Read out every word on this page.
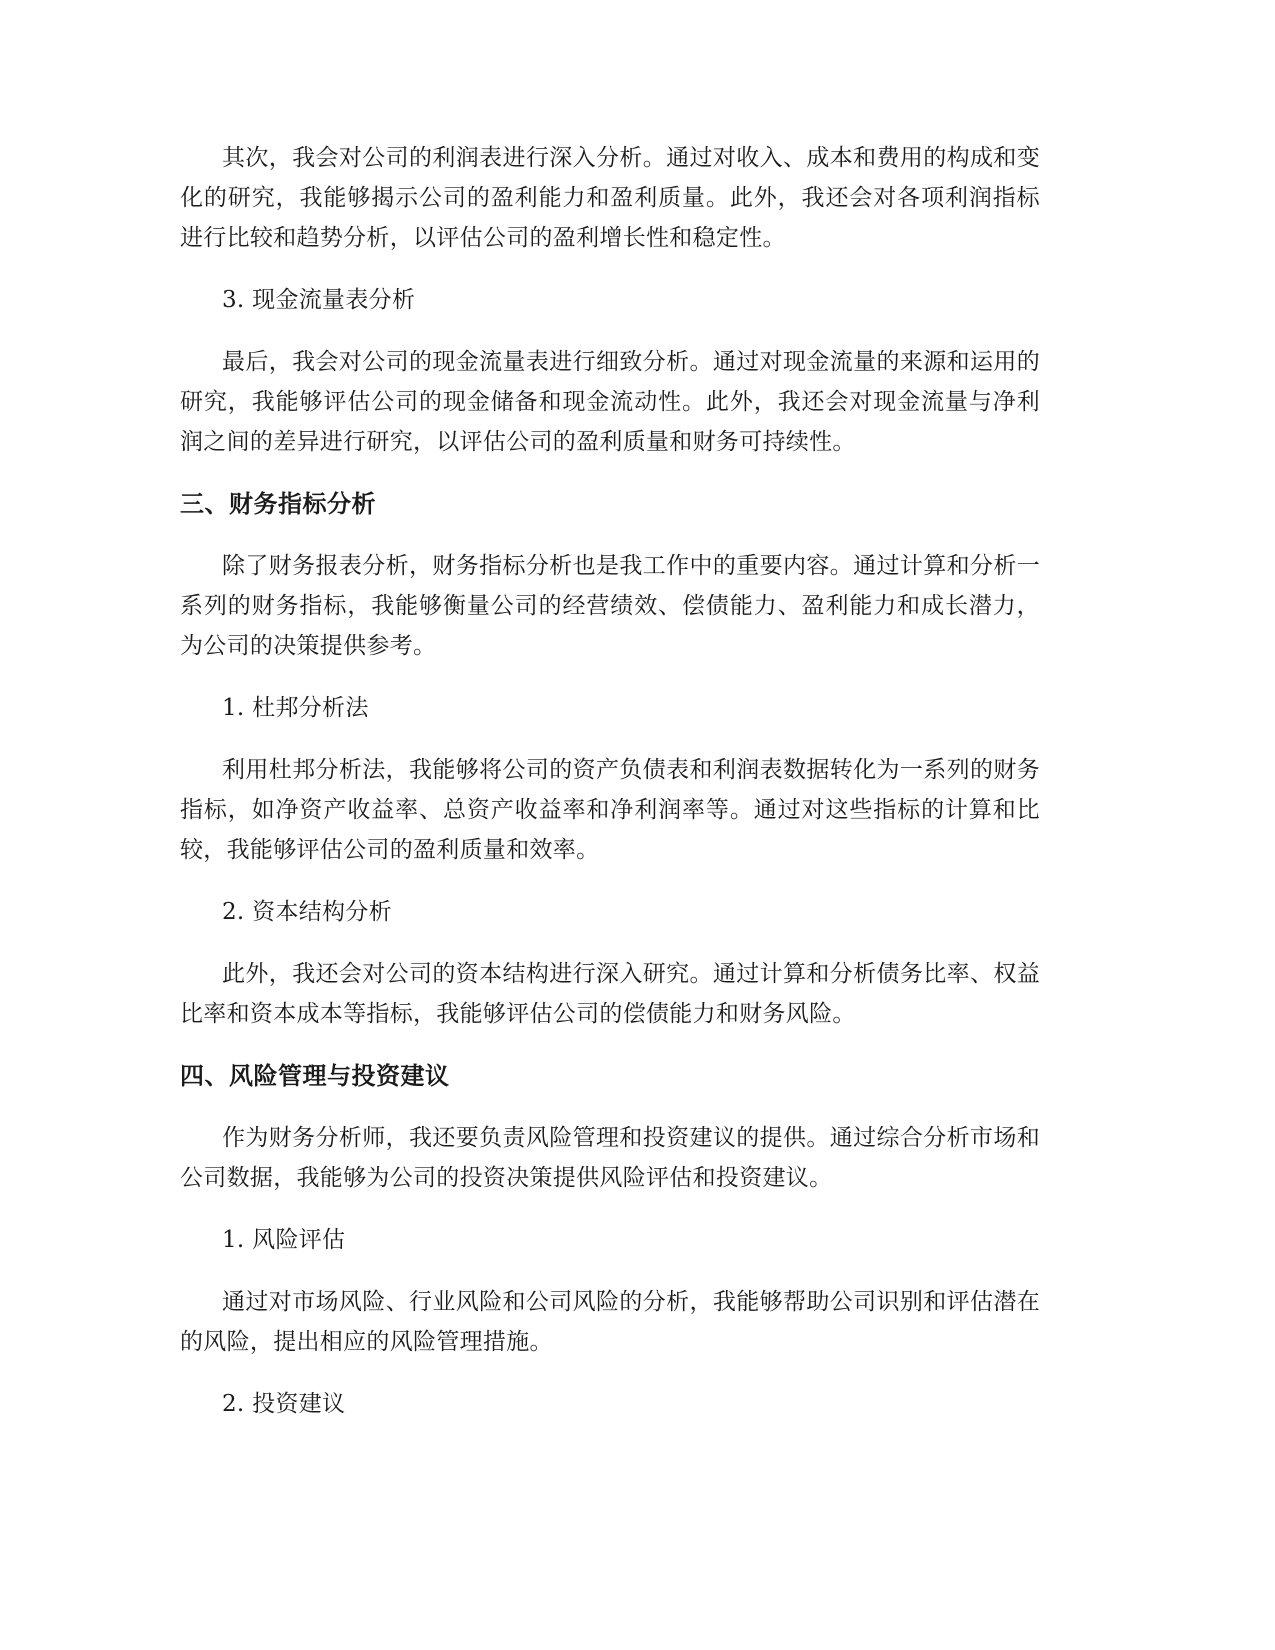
其次，我会对公司的利润表进行深入分析。通过对收入、成本和费用的构成和变化的研究，我能够揭示公司的盈利能力和盈利质量。此外，我还会对各项利润指标进行比较和趋势分析，以评估公司的盈利增长性和稳定性。

3. 现金流量表分析

最后，我会对公司的现金流量表进行细致分析。通过对现金流量的来源和运用的研究，我能够评估公司的现金储备和现金流动性。此外，我还会对现金流量与净利润之间的差异进行研究，以评估公司的盈利质量和财务可持续性。

三、财务指标分析

除了财务报表分析，财务指标分析也是我工作中的重要内容。通过计算和分析一系列的财务指标，我能够衡量公司的经营绩效、偿债能力、盈利能力和成长潜力，为公司的决策提供参考。

1. 杜邦分析法

利用杜邦分析法，我能够将公司的资产负债表和利润表数据转化为一系列的财务指标，如净资产收益率、总资产收益率和净利润率等。通过对这些指标的计算和比较，我能够评估公司的盈利质量和效率。

2. 资本结构分析

此外，我还会对公司的资本结构进行深入研究。通过计算和分析债务比率、权益比率和资本成本等指标，我能够评估公司的偿债能力和财务风险。

四、风险管理与投资建议

作为财务分析师，我还要负责风险管理和投资建议的提供。通过综合分析市场和公司数据，我能够为公司的投资决策提供风险评估和投资建议。

1. 风险评估

通过对市场风险、行业风险和公司风险的分析，我能够帮助公司识别和评估潜在的风险，提出相应的风险管理措施。

2. 投资建议
